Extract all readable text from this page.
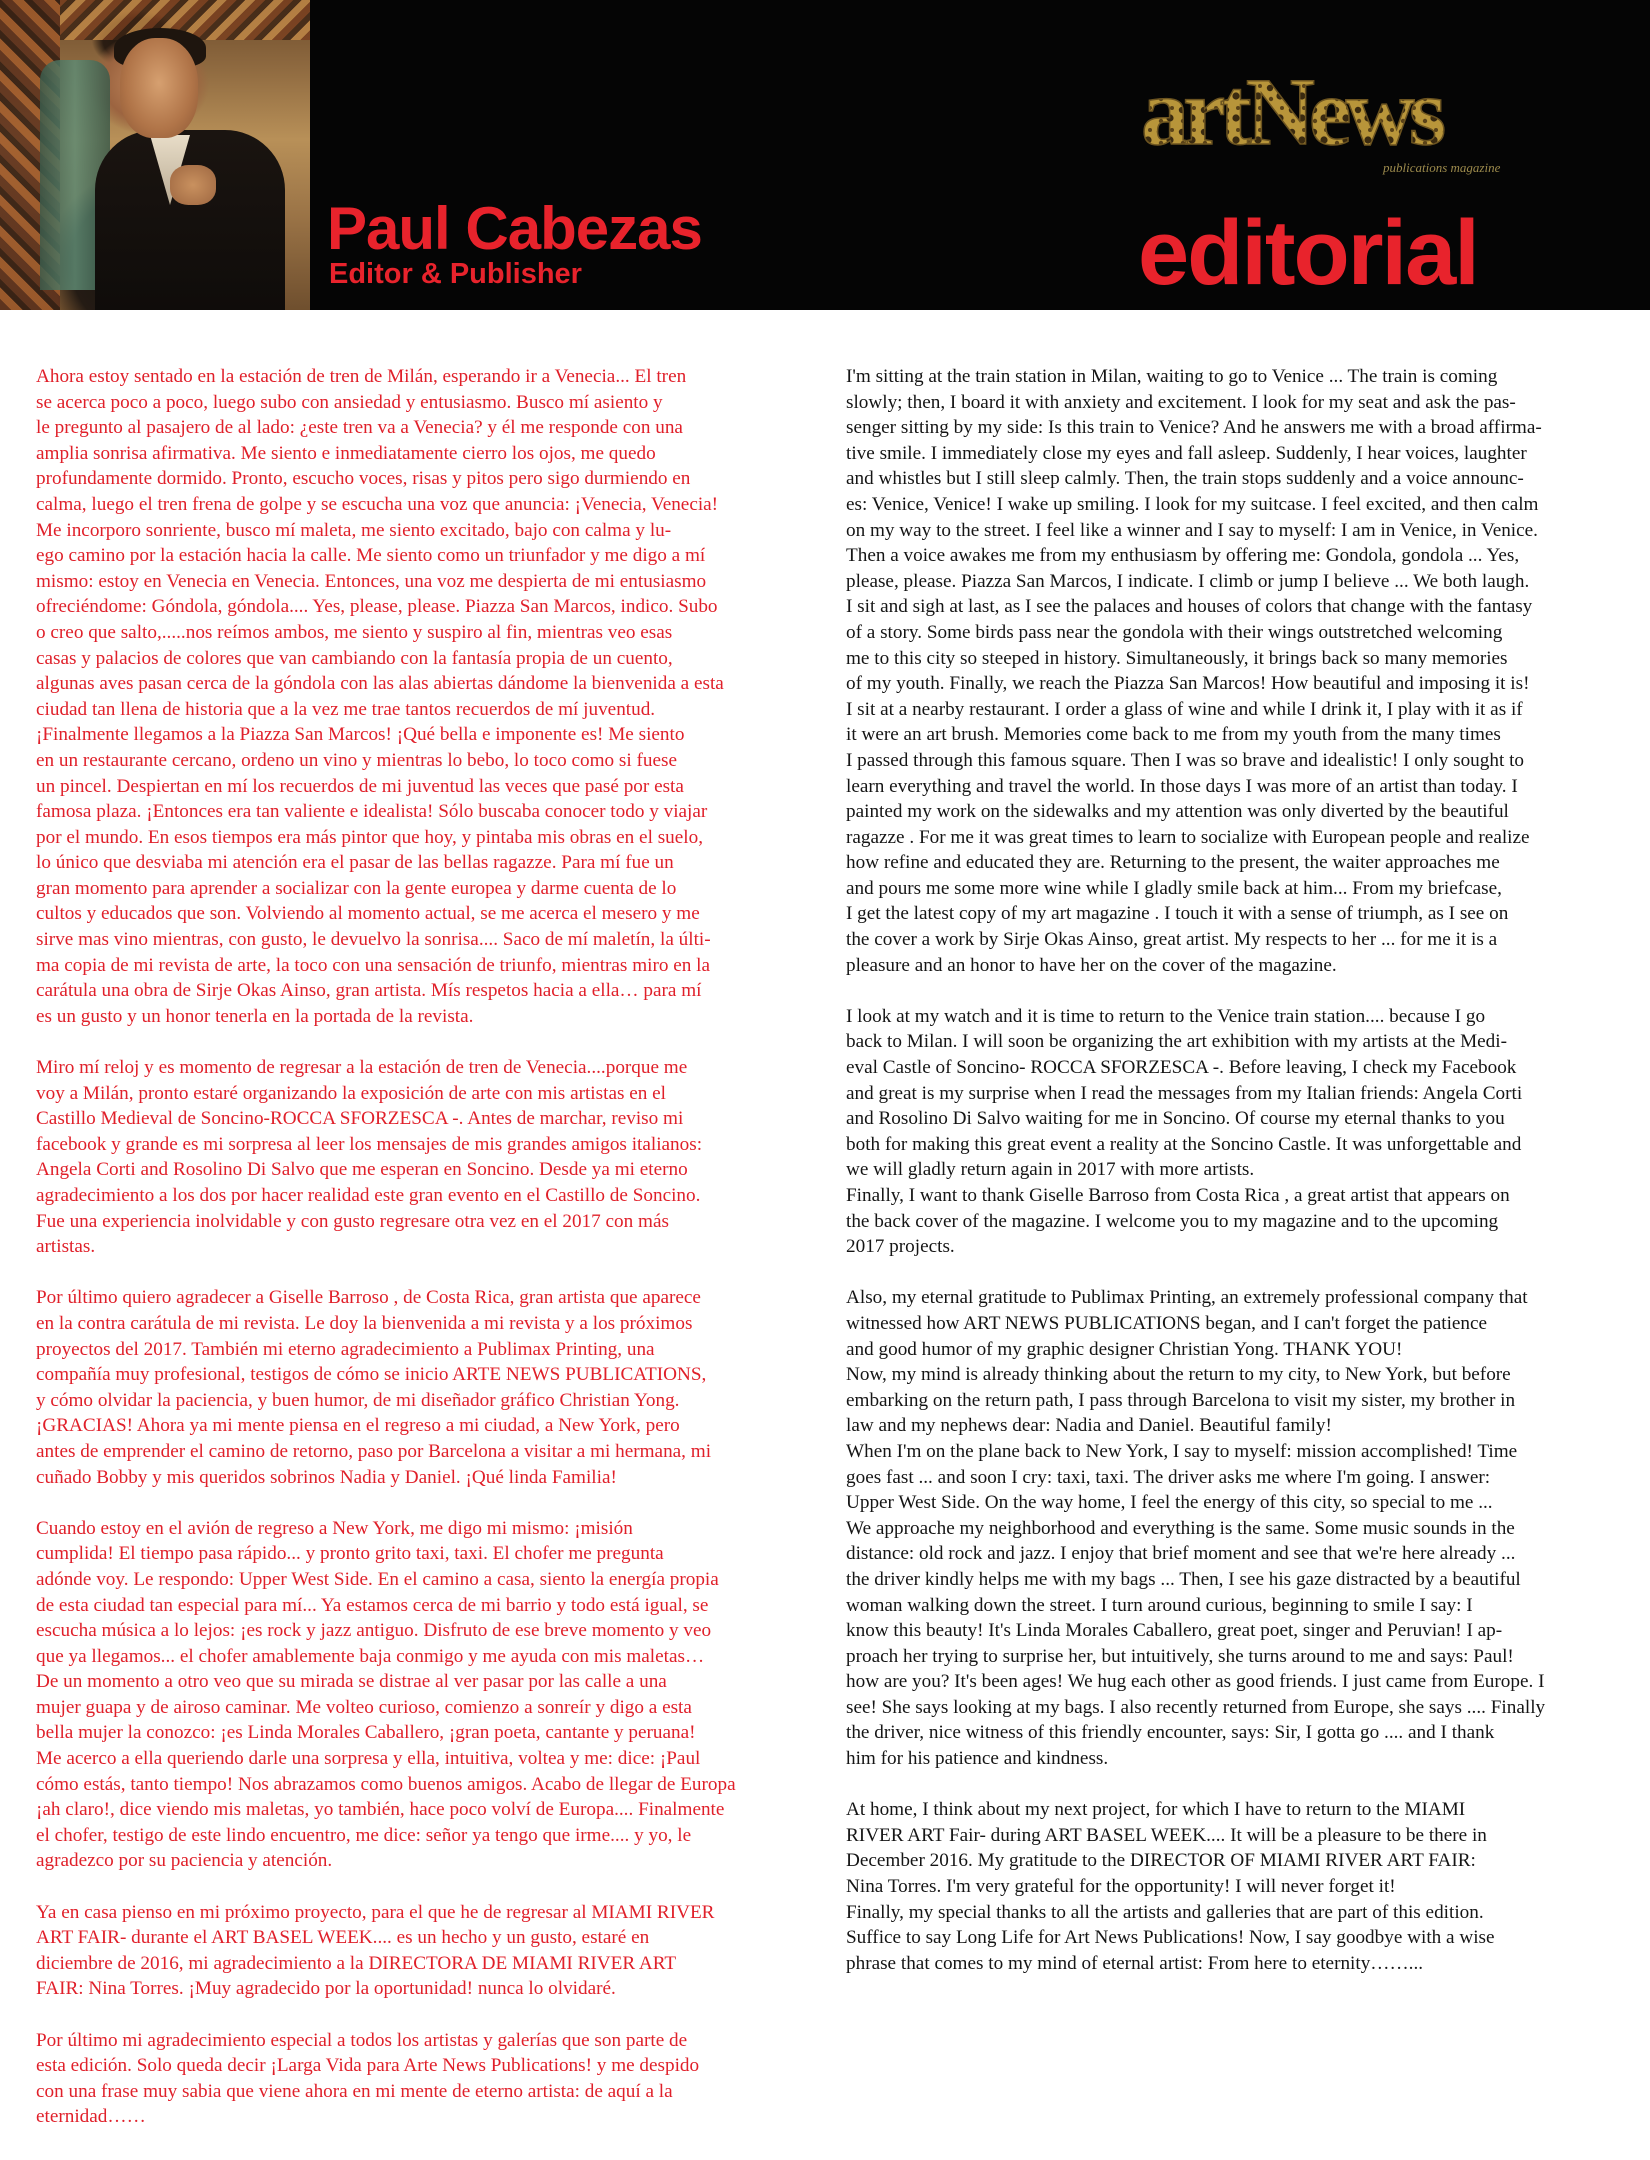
Paul Cabezas
Editor & Publisher
artNews
publications magazine
editorial

Ahora estoy sentado en la estación de tren de Milán, esperando ir a Venecia... El tren
se acerca poco a poco, luego subo con ansiedad y entusiasmo. Busco mí asiento y
le pregunto al pasajero de al lado: ¿este tren va a Venecia? y él me responde con una
amplia sonrisa afirmativa. Me siento e inmediatamente cierro los ojos, me quedo
profundamente dormido. Pronto, escucho voces, risas y pitos pero sigo durmiendo en
calma, luego el tren frena de golpe y se escucha una voz que anuncia: ¡Venecia, Venecia!
Me incorporo sonriente, busco mí maleta, me siento excitado, bajo con calma y lu-
ego camino por la estación hacia la calle. Me siento como un triunfador y me digo a mí
mismo: estoy en Venecia en Venecia. Entonces, una voz me despierta de mi entusiasmo
ofreciéndome: Góndola, góndola.... Yes, please, please. Piazza San Marcos, indico. Subo
o creo que salto,.....nos reímos ambos, me siento y suspiro al fin, mientras veo esas
casas y palacios de colores que van cambiando con la fantasía propia de un cuento,
algunas aves pasan cerca de la góndola con las alas abiertas dándome la bienvenida a esta
ciudad tan llena de historia que a la vez me trae tantos recuerdos de mí juventud.
¡Finalmente llegamos a la Piazza San Marcos! ¡Qué bella e imponente es! Me siento
en un restaurante cercano, ordeno un vino y mientras lo bebo, lo toco como si fuese
un pincel. Despiertan en mí los recuerdos de mi juventud las veces que pasé por esta
famosa plaza. ¡Entonces era tan valiente e idealista! Sólo buscaba conocer todo y viajar
por el mundo. En esos tiempos era más pintor que hoy, y pintaba mis obras en el suelo,
lo único que desviaba mi atención era el pasar de las bellas ragazze. Para mí fue un
gran momento para aprender a socializar con la gente europea y darme cuenta de lo
cultos y educados que son. Volviendo al momento actual, se me acerca el mesero y me
sirve mas vino mientras, con gusto, le devuelvo la sonrisa.... Saco de mí maletín, la últi-
ma copia de mi revista de arte, la toco con una sensación de triunfo, mientras miro en la
carátula una obra de Sirje Okas Ainso, gran artista. Mís respetos hacia a ella… para mí
es un gusto y un honor tenerla en la portada de la revista.

Miro mí reloj y es momento de regresar a la estación de tren de Venecia....porque me
voy a Milán, pronto estaré organizando la exposición de arte con mis artistas en el
Castillo Medieval de Soncino-ROCCA SFORZESCA -. Antes de marchar, reviso mi
facebook y grande es mi sorpresa al leer los mensajes de mis grandes amigos italianos:
Angela Corti and Rosolino Di Salvo que me esperan en Soncino. Desde ya mi eterno
agradecimiento a los dos por hacer realidad este gran evento en el Castillo de Soncino.
Fue una experiencia inolvidable y con gusto regresare otra vez en el 2017 con más
artistas.

Por último quiero agradecer a Giselle Barroso , de Costa Rica, gran artista que aparece
en la contra carátula de mi revista. Le doy la bienvenida a mi revista y a los próximos
proyectos del 2017. También mi eterno agradecimiento a Publimax Printing, una
compañía muy profesional, testigos de cómo se inicio ARTE NEWS PUBLICATIONS,
y cómo olvidar la paciencia, y buen humor, de mi diseñador gráfico Christian Yong.
¡GRACIAS! Ahora ya mi mente piensa en el regreso a mi ciudad, a New York, pero
antes de emprender el camino de retorno, paso por Barcelona a visitar a mi hermana, mi
cuñado Bobby y mis queridos sobrinos Nadia y Daniel. ¡Qué linda Familia!

Cuando estoy en el avión de regreso a New York, me digo mi mismo: ¡misión
cumplida! El tiempo pasa rápido... y pronto grito taxi, taxi. El chofer me pregunta
adónde voy. Le respondo: Upper West Side. En el camino a casa, siento la energía propia
de esta ciudad tan especial para mí... Ya estamos cerca de mi barrio y todo está igual, se
escucha música a lo lejos: ¡es rock y jazz antiguo. Disfruto de ese breve momento y veo
que ya llegamos... el chofer amablemente baja conmigo y me ayuda con mis maletas…
De un momento a otro veo que su mirada se distrae al ver pasar por las calle a una
mujer guapa y de airoso caminar. Me volteo curioso, comienzo a sonreír y digo a esta
bella mujer la conozco: ¡es Linda Morales Caballero, ¡gran poeta, cantante y peruana!
Me acerco a ella queriendo darle una sorpresa y ella, intuitiva, voltea y me: dice: ¡Paul
cómo estás, tanto tiempo! Nos abrazamos como buenos amigos. Acabo de llegar de Europa
¡ah claro!, dice viendo mis maletas, yo también, hace poco volví de Europa.... Finalmente
el chofer, testigo de este lindo encuentro, me dice: señor ya tengo que irme.... y yo, le
agradezco por su paciencia y atención.

Ya en casa pienso en mi próximo proyecto, para el que he de regresar al MIAMI RIVER
ART FAIR- durante el ART BASEL WEEK.... es un hecho y un gusto, estaré en
diciembre de 2016, mi agradecimiento a la DIRECTORA DE MIAMI RIVER ART
FAIR: Nina Torres. ¡Muy agradecido por la oportunidad! nunca lo olvidaré.

Por último mi agradecimiento especial a todos los artistas y galerías que son parte de
esta edición. Solo queda decir ¡Larga Vida para Arte News Publications! y me despido
con una frase muy sabia que viene ahora en mi mente de eterno artista: de aquí a la
eternidad……

I'm sitting at the train station in Milan, waiting to go to Venice ... The train is coming
slowly; then, I board it with anxiety and excitement. I look for my seat and ask the pas-
senger sitting by my side: Is this train to Venice? And he answers me with a broad affirma-
tive smile. I immediately close my eyes and fall asleep. Suddenly, I hear voices, laughter
and whistles but I still sleep calmly. Then, the train stops suddenly and a voice announc-
es: Venice, Venice! I wake up smiling. I look for my suitcase. I feel excited, and then calm
on my way to the street. I feel like a winner and I say to myself: I am in Venice, in Venice.
Then a voice awakes me from my enthusiasm by offering me: Gondola, gondola ... Yes,
please, please. Piazza San Marcos, I indicate. I climb or jump I believe ... We both laugh.
I sit and sigh at last, as I see the palaces and houses of colors that change with the fantasy
of a story. Some birds pass near the gondola with their wings outstretched welcoming
me to this city so steeped in history. Simultaneously, it brings back so many memories
of my youth. Finally, we reach the Piazza San Marcos! How beautiful and imposing it is!
I sit at a nearby restaurant. I order a glass of wine and while I drink it, I play with it as if
it were an art brush. Memories come back to me from my youth from the many times
I passed through this famous square. Then I was so brave and idealistic! I only sought to
learn everything and travel the world. In those days I was more of an artist than today. I
painted my work on the sidewalks and my attention was only diverted by the beautiful
ragazze . For me it was great times to learn to socialize with European people and realize
how refine and educated they are. Returning to the present, the waiter approaches me
and pours me some more wine while I gladly smile back at him... From my briefcase,
I get the latest copy of my art magazine . I touch it with a sense of triumph, as I see on
the cover a work by Sirje Okas Ainso, great artist. My respects to her ... for me it is a
pleasure and an honor to have her on the cover of the magazine.

I look at my watch and it is time to return to the Venice train station.... because I go
back to Milan. I will soon be organizing the art exhibition with my artists at the Medi-
eval Castle of Soncino- ROCCA SFORZESCA -. Before leaving, I check my Facebook
and great is my surprise when I read the messages from my Italian friends: Angela Corti
and Rosolino Di Salvo waiting for me in Soncino. Of course my eternal thanks to you
both for making this great event a reality at the Soncino Castle. It was unforgettable and
we will gladly return again in 2017 with more artists.
Finally, I want to thank Giselle Barroso from Costa Rica , a great artist that appears on
the back cover of the magazine. I welcome you to my magazine and to the upcoming
2017 projects.

Also, my eternal gratitude to Publimax Printing, an extremely professional company that
witnessed how ART NEWS PUBLICATIONS began, and I can't forget the patience
and good humor of my graphic designer Christian Yong. THANK YOU!
Now, my mind is already thinking about the return to my city, to New York, but before
embarking on the return path, I pass through Barcelona to visit my sister, my brother in
law and my nephews dear: Nadia and Daniel. Beautiful family!
When I'm on the plane back to New York, I say to myself: mission accomplished! Time
goes fast ... and soon I cry: taxi, taxi. The driver asks me where I'm going. I answer:
Upper West Side. On the way home, I feel the energy of this city, so special to me ...
We approache my neighborhood and everything is the same. Some music sounds in the
distance: old rock and jazz. I enjoy that brief moment and see that we're here already ...
the driver kindly helps me with my bags ... Then, I see his gaze distracted by a beautiful
woman walking down the street. I turn around curious, beginning to smile I say: I
know this beauty! It's Linda Morales Caballero, great poet, singer and Peruvian! I ap-
proach her trying to surprise her, but intuitively, she turns around to me and says: Paul!
how are you? It's been ages! We hug each other as good friends. I just came from Europe. I
see! She says looking at my bags. I also recently returned from Europe, she says .... Finally
the driver, nice witness of this friendly encounter, says: Sir, I gotta go .... and I thank
him for his patience and kindness.

At home, I think about my next project, for which I have to return to the MIAMI
RIVER ART Fair- during ART BASEL WEEK.... It will be a pleasure to be there in
December 2016. My gratitude to the DIRECTOR OF MIAMI RIVER ART FAIR:
Nina Torres. I'm very grateful for the opportunity! I will never forget it!
Finally, my special thanks to all the artists and galleries that are part of this edition.
Suffice to say Long Life for Art News Publications! Now, I say goodbye with a wise
phrase that comes to my mind of eternal artist: From here to eternity……...
